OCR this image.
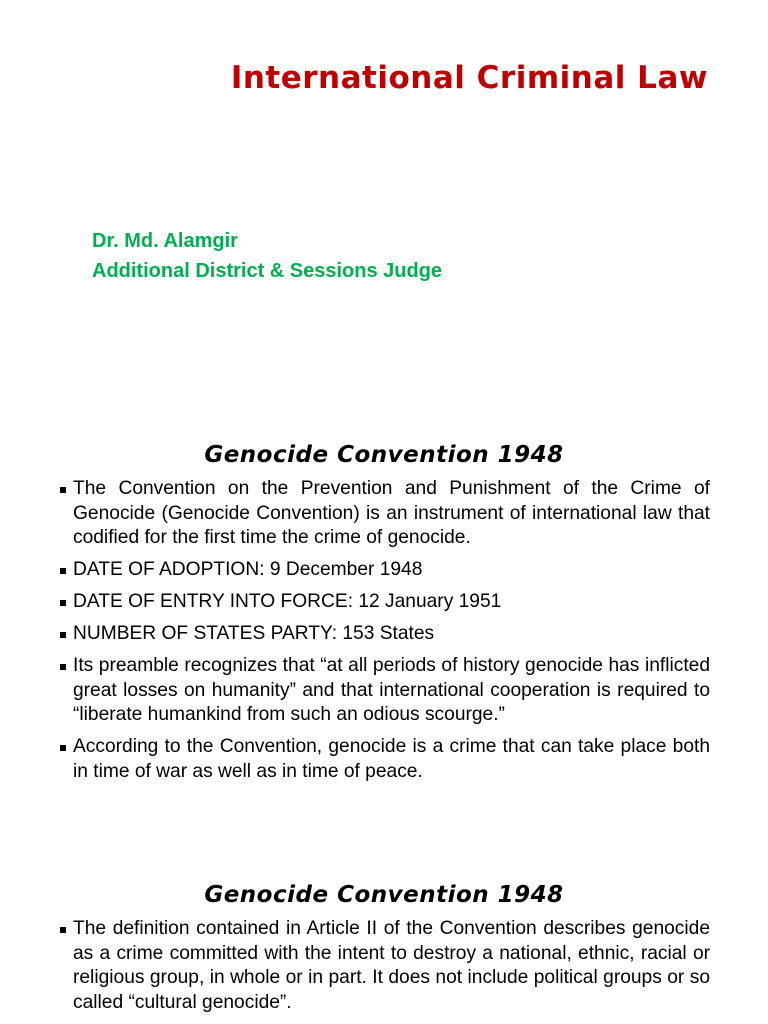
International Criminal Law
Dr. Md. Alamgir
Additional District & Sessions Judge
Genocide Convention 1948
The Convention on the Prevention and Punishment of the Crime of Genocide (Genocide Convention) is an instrument of international law that codified for the first time the crime of genocide.
DATE OF ADOPTION: 9 December 1948
DATE OF ENTRY INTO FORCE: 12 January 1951
NUMBER OF STATES PARTY: 153 States
Its preamble recognizes that “at all periods of history genocide has inflicted great losses on humanity” and that international cooperation is required to “liberate humankind from such an odious scourge.”
According to the Convention, genocide is a crime that can take place both in time of war as well as in time of peace.
Genocide Convention 1948
The definition contained in Article II of the Convention describes genocide as a crime committed with the intent to destroy a national, ethnic, racial or religious group, in whole or in part. It does not include political groups or so called “cultural genocide”.
